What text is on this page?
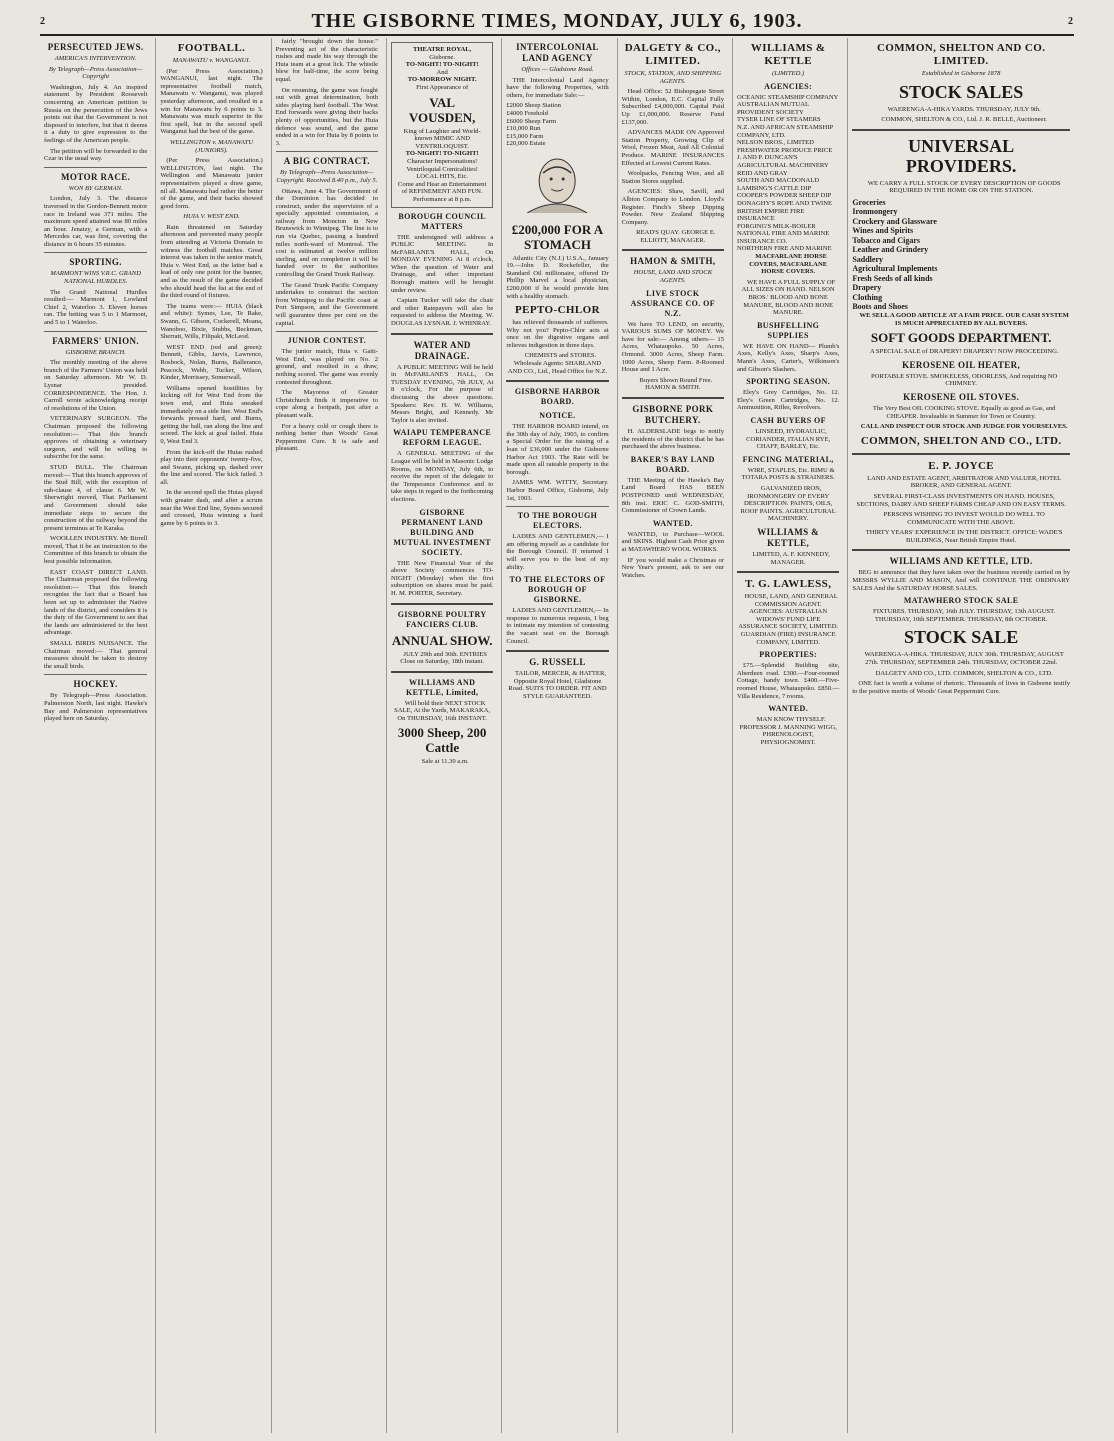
2	THE GISBORNE TIMES, MONDAY, JULY 6, 1903.	2
PERSECUTED JEWS.
AMERICA'S INTERVENTION.
By Telegraph—Press Association—Copyright

Washington, July 4. An inspired statement by President Roosevelt concerning an American petition to Russia on the persecution of the Jews points out that the Government is not disposed to interfere, but that it deems it a duty to give expression to the feelings of the American people.

The petition will be forwarded to the Czar in the usual way.

MOTOR RACE.
WON BY GERMAN.

London, July 3. The distance traversed in the Gordon-Bennett motor race in Ireland was 371 miles. The maximum speed attained was 80 miles an hour. Jenatzy, a German, with a Mercedes car, was first, covering the distance in 6 hours 35 minutes.

SPORTING.
MARMONT WINS V.R.C. GRAND NATIONAL HURDLES.

The Grand National Hurdles resulted:— Marmont 1, Lowland Chief 2, Waterloo 3. Eleven horses ran. The betting was 5 to 1 Marmont, and 5 to 1 Waterloo.

FARMERS' UNION.
GISBORNE BRANCH.

The monthly meeting of the above branch of the Farmers' Union was held on Saturday afternoon. Mr W. D. Lysnar presided. CORRESPONDENCE. The Hon. J. Carroll wrote acknowledging receipt of resolutions of the Union.

VETERINARY SURGEON. The Chairman proposed the following resolution:— That this branch approves of obtaining a veterinary surgeon, and will be willing to subscribe for the same.

STUD BULL. The Chairman moved:— That this branch approves of the Stud Bill, with the exception of sub-clause 4, of clause 6. Mr W. Sherwright moved, That Parliament and Government should take immediate steps to secure the construction of the railway beyond the present terminus at Te Karaka.

WOOLLEN INDUSTRY. Mr Birrell moved, That it be an instruction to the Committee of this branch to obtain the best possible information.

EAST COAST DIRECT LAND. The Chairman proposed the following resolution:— That this branch recognise the fact that a Board has been set up to administer the Native lands of the district, and considers it is the duty of the Government to see that the lands are administered to the best advantage.

SMALL BIRDS NUISANCE. The Chairman moved:— That general measures should be taken to destroy the small birds.

HOCKEY.

By Telegraph—Press Association. Palmerston North, last night. Hawke's Bay and Palmerston representatives played here on Saturday.

FOOTBALL.
MANAWATU v. WANGANUI.

(Per Press Association.) WANGANUI, last night. The representative football match, Manawatu v. Wanganui, was played yesterday afternoon, and resulted in a win for Manawatu by 6 points to 3. Manawatu was much superior in the first spell, but in the second spell Wanganui had the best of the game.

WELLINGTON v. MANAWATU (JUNIORS).

(Per Press Association.) WELLINGTON, last night. The Wellington and Manawatu junior representatives played a draw game, nil all. Manawatu had rather the better of the game, and their backs showed good form.

HUIA V. WEST END.

Rain threatened on Saturday afternoon and prevented many people from attending at Victoria Domain to witness the football matches. Great interest was taken in the senior match, Huia v. West End, as the latter had a lead of only one point for the banner, and as the result of the game decided who should head the list at the end of the third round of fixtures.

The teams were:— HUIA (black and white): Symes, Lee, Te Rake, Swann, G. Gibson, Cockerell, Moana, Wanoboo, Bixie, Stubbs, Beckman, Sherratt, Wills, Filipaki, McLeod.

WEST END (red and green): Bennett, Gibbs, Jarvis, Lawrence, Rosbock, Nolan, Burns, Ballerance, Peacock, Webb, Tucker, Wilson, Kinder, Morrissey, Somerwall.

Williams opened hostilities by kicking off for West End from the town end, and Huia sneaked immediately on a side line. West End's forwards pressed hard, and Burns, getting the ball, ran along the line and scored. The kick at goal failed. Huia 0, West End 3.

From the kick-off the Huias rushed play into their opponents' twenty-five, and Swann, picking up, dashed over the line and scored. The kick failed. 3 all.

In the second spell the Huias played with greater dash, and after a scrum near the West End line, Symes secured and crossed, Huia winning a hard game by 6 points to 3.

fairly "brought down the house." Preventing act of the characteristic rushes and made his way through the Huia team at a great lick. The whistle blew for half-time, the score being equal.

On resuming, the game was fought out with great determination, both sides playing hard football. The West End forwards were giving their backs plenty of opportunities, but the Huia defence was sound, and the game ended in a win for Huia by 8 points to 3.

A BIG CONTRACT.
By Telegraph—Press Association—Copyright. Received 8.40 p.m., July 5.

Ottawa, June 4. The Government of the Dominion has decided to construct, under the supervision of a specially appointed commission, a railway from Moncton in New Brunswick to Winnipeg. The line is to run via Quebec, passing a hundred miles north-ward of Montreal. The cost is estimated at twelve million sterling, and on completion it will be handed over to the authorities controlling the Grand Trunk Railway.

The Grand Trunk Pacific Company undertakes to construct the section from Winnipeg to the Pacific coast at Port Simpson, and the Government will guarantee three per cent on the capital.

JUNIOR CONTEST.

The junior match, Huia v. Gaiti-West End, was played on No. 2 ground, and resulted in a draw, nothing scored. The game was evenly contested throughout.

The Mayoress of Greater Christchurch finds it imperative to cope along a footpath, just after a pleasant walk.

For a heavy cold or cough there is nothing better than Woods' Great Peppermint Cure. It is safe and pleasant.

THEATRE ROYAL,
Gisborne.
TO-NIGHT! TO-NIGHT!
And
TO-MORROW NIGHT.
First Appearance of
VAL VOUSDEN,
King of Laughter and World-known MIMIC AND VENTRILOQUIST.
TO-NIGHT! TO-NIGHT!
Character Impersonations!
Ventriloquial Comicalities!
LOCAL HITS, Etc.
Come and Hear an Entertainment of REFINEMENT AND FUN.
Performance at 8 p.m.
BOROUGH COUNCIL MATTERS

THE undersigned will address a PUBLIC MEETING In McFARLANE'S HALL, On MONDAY EVENING At 8 o'clock, When the question of Water and Drainage, and other important Borough matters will be brought under review.

Captain Tucker will take the chair and other Ratepayers will also be requested to address the Meeting. W. DOUGLAS LYSNAR. J. WHINRAY.

WATER AND DRAINAGE.

A PUBLIC MEETING Will be held in McFARLANE'S HALL, On TUESDAY EVENING, 7th JULY, At 8 o'clock, For the purpose of discussing the above questions. Speakers: Rev. H. W. Williams, Messrs Bright, and Kennedy. Mr Taylor is also invited.

WAIAPU TEMPERANCE REFORM LEAGUE.

A GENERAL MEETING of the League will be held in Masonic Lodge Rooms, on MONDAY, July 6th, to receive the report of the delegate to the Temperance Conference and to take steps in regard to the forthcoming elections.

GISBORNE PERMANENT LAND BUILDING AND MUTUAL INVESTMENT SOCIETY.

THE New Financial Year of the above Society commences TO-NIGHT (Monday) when the first subscription on shares must be paid. H. M. PORTER, Secretary.

GISBORNE POULTRY FANCIERS CLUB.
ANNUAL SHOW.

JULY 29th and 30th. ENTRIES Close on Saturday, 18th instant.

WILLIAMS AND KETTLE, Limited,

Will hold their NEXT STOCK SALE, At the Yards, MAKARAKA, On THURSDAY, 16th INSTANT.

3000 Sheep, 200 Cattle

Sale at 11.30 a.m.

INTERCOLONIAL LAND AGENCY
Offices — Gladstone Road.

THE Intercolonial Land Agency have the following Properties, with others, for immediate Sale:—

£2000 Sheep Station
£4000 Freehold
£6000 Sheep Farm
£10,000 Run
£15,000 Farm
£20,000 Estate
£200,000 FOR A STOMACH

Atlantic City (N.J.) U.S.A., January 19.—John D. Rockefeller, the Standard Oil millionaire, offered Dr Phillip Marvel a local physician, £200,000 if he would provide him with a healthy stomach.

PEPTO-CHLOR

has relieved thousands of sufferers. Why not you? Pepto-Chlor acts at once on the digestive organs and relieves indigestion in three days.

CHEMISTS and STORES. Wholesale Agents: SHARLAND AND CO., Ltd., Head Office for N.Z.

GISBORNE HARBOR BOARD.
NOTICE.

THE HARBOR BOARD intend, on the 30th day of July, 1903, to confirm a Special Order for the raising of a loan of £36,000 under the Gisborne Harbor Act 1903. The Rate will be made upon all rateable property in the borough.

JAMES WM. WITTY, Secretary. Harbor Board Office, Gisborne, July 1st, 1903.

TO THE BOROUGH ELECTORS.

LADIES AND GENTLEMEN,— I am offering myself as a candidate for the Borough Council. If returned I will serve you to the best of my ability.

TO THE ELECTORS OF BOROUGH OF GISBORNE.

LADIES AND GENTLEMEN,— In response to numerous requests, I beg to intimate my intention of contesting the vacant seat on the Borough Council.

G. RUSSELL

TAILOR, MERCER, & HATTER, Opposite Royal Hotel, Gladstone Road. SUITS TO ORDER. FIT AND STYLE GUARANTEED.

DALGETY & CO., LIMITED.
STOCK, STATION, AND SHIPPING AGENTS.

Head Office: 52 Bishopsgate Street Within, London, E.C. Capital Fully Subscribed £4,000,000. Capital Paid Up £1,000,000. Reserve Fund £137,000.

ADVANCES MADE ON Approved Station Property, Growing Clip of Wool, Frozen Meat, And All Colonial Produce. MARINE INSURANCES Effected at Lowest Current Rates.

Woolpacks, Fencing Wire, and all Station Stores supplied.

AGENCIES: Shaw, Savill, and Albion Company to London. Lloyd's Register. Finch's Sheep Dipping Powder. New Zealand Shipping Company.

READ'S QUAY. GEORGE E. ELLIOTT, MANAGER.

HAMON & SMITH,
HOUSE, LAND AND STOCK AGENTS.
LIVE STOCK ASSURANCE CO. OF N.Z.

We have TO LEND, on security, VARIOUS SUMS OF MONEY. We have for sale:— Among others— 15 Acres, Whataupoko. 50 Acres, Ormond. 3000 Acres, Sheep Farm. 1000 Acres, Sheep Farm. 8-Roomed House and 1 Acre.

Buyers Shown Round Free. HAMON & SMITH.

GISBORNE PORK BUTCHERY.

H. ALDERSLADE begs to notify the residents of the district that he has purchased the above business.

BAKER'S BAY LAND BOARD.

THE Meeting of the Hawke's Bay Land Board HAS BEEN POSTPONED until WEDNESDAY, 8th inst. ERIC C. GOD-SMITH, Commissioner of Crown Lands.

WANTED.

WANTED, to Purchase—WOOL and SKINS. Highest Cash Price given at MATAWHERO WOOL WORKS.

IF you would make a Christmas or New Year's present, ask to see our Watches.

WILLIAMS & KETTLE
(LIMITED.)
AGENCIES:
OCEANIC STEAMSHIP COMPANY
AUSTRALIAN MUTUAL PROVIDENT SOCIETY
TYSER LINE OF STEAMERS
N.Z. AND AFRICAN STEAMSHIP COMPANY, LTD.
NELSON BROS., LIMITED
FRESHWATER PRODUCE PRICE
J. AND P. DUNCAN'S AGRICULTURAL MACHINERY
REID AND GRAY
SOUTH AND MACDONALD
LAMBING'S CATTLE DIP
COOPER'S POWDER SHEEP DIP
DONAGHY'S ROPE AND TWINE
BRITISH EMPIRE FIRE INSURANCE
FORGING'S MILK-BOILER
NATIONAL FIRE AND MARINE INSURANCE CO.
NORTHERN FIRE AND MARINE

MACFARLANE HORSE COVERS, MACFARLANE HORSE COVERS.

WE HAVE A FULL SUPPLY OF ALL SIZES ON HAND. NELSON BROS.' BLOOD AND BONE MANURE, BLOOD AND BONE MANURE.

BUSHFELLING SUPPLIES

WE HAVE ON HAND— Plumb's Axes, Kelly's Axes, Sharp's Axes, Mann's Axes, Carter's, Wilkinson's and Gibson's Slashers.

SPORTING SEASON.

Eley's Grey Cartridges, No. 12. Eley's Green Cartridges, No. 12. Ammunition, Rifles, Revolvers.

CASH BUYERS OF

LINSEED, HYDRAULIC, CORIANDER, ITALIAN RYE, CHAFF, BARLEY, Etc.

FENCING MATERIAL,

WIRE, STAPLES, Etc. RIMU & TOTARA POSTS & STRAINERS.

GALVANIZED IRON, IRONMONGERY OF EVERY DESCRIPTION. PAINTS, OILS, ROOF PAINTS. AGRICULTURAL MACHINERY.

WILLIAMS & KETTLE,

LIMITED, A. F. KENNEDY, MANAGER.

T. G. LAWLESS,

HOUSE, LAND, AND GENERAL COMMISSION AGENT. AGENCIES: AUSTRALIAN WIDOWS' FUND LIFE ASSURANCE SOCIETY, LIMITED. GUARDIAN (FIRE) INSURANCE COMPANY, LIMITED.

PROPERTIES:

£75.—Splendid Building site, Aberdeen road. £300.—Four-roomed Cottage, handy town. £400.—Five-roomed House, Whataupoko. £850.—Villa Residence, 7 rooms.

WANTED.

MAN KNOW THYSELF. PROFESSOR J. MANNING WIGG, PHRENOLOGIST, PHYSIOGNOMIST.

COMMON, SHELTON AND CO. LIMITED.
Established in Gisborne 1878
STOCK SALES

WAERENGA-A-HIKA YARDS. THURSDAY, JULY 9th.

COMMON, SHELTON & CO., Ltd. J. R. BELLE, Auctioneer.

UNIVERSAL PROVIDERS.

WE CARRY A FULL STOCK OF EVERY DESCRIPTION OF GOODS REQUIRED IN THE HOME OR ON THE STATION.

Groceries
Ironmongery
Crockery and Glassware
Wines and Spirits
Tobacco and Cigars
Leather and Grindery
Saddlery
Agricultural Implements
Fresh Seeds of all kinds
Drapery
Clothing
Boots and Shoes

WE SELL A GOOD ARTICLE AT A FAIR PRICE. OUR CASH SYSTEM IS MUCH APPRECIATED BY ALL BUYERS.

SOFT GOODS DEPARTMENT.

A SPECIAL SALE of DRAPERY! DRAPERY! NOW PROCEEDING.

KEROSENE OIL HEATER,

PORTABLE STOVE. SMOKELESS, ODORLESS, And requiring NO CHIMNEY.

KEROSENE OIL STOVES.

The Very Best OIL COOKING STOVE. Equally as good as Gas, and CHEAPER. Invaluable in Summer for Town or Country.

CALL AND INSPECT OUR STOCK AND JUDGE FOR YOURSELVES.

COMMON, SHELTON AND CO., LTD.
E. P. JOYCE

LAND AND ESTATE AGENT, ARBITRATOR AND VALUER, HOTEL BROKER, AND GENERAL AGENT.

SEVERAL FIRST-CLASS INVESTMENTS ON HAND. HOUSES, SECTIONS, DAIRY AND SHEEP FARMS CHEAP AND ON EASY TERMS.

PERSONS WISHING TO INVEST WOULD DO WELL TO COMMUNICATE WITH THE ABOVE.

THIRTY YEARS' EXPERIENCE IN THE DISTRICT. OFFICE: WADE'S BUILDINGS, Near British Empire Hotel.

WILLIAMS AND KETTLE, LTD.

BEG to announce that they have taken over the business recently carried on by MESSRS WYLLIE AND MASON, And will CONTINUE THE ORDINARY SALES And the SATURDAY HORSE SALES.

MATAWHERO STOCK SALE

FIXTURES. THURSDAY, 16th JULY. THURSDAY, 13th AUGUST. THURSDAY, 10th SEPTEMBER. THURSDAY, 8th OCTOBER.

STOCK SALE

WAERENGA-A-HIKA. THURSDAY, JULY 30th. THURSDAY, AUGUST 27th. THURSDAY, SEPTEMBER 24th. THURSDAY, OCTOBER 22nd.

DALGETY AND CO., LTD. COMMON, SHELTON & CO., LTD.

ONE fact is worth a volume of rhetoric. Thousands of lives in Gisborne testify to the positive merits of Woods' Great Peppermint Cure.
